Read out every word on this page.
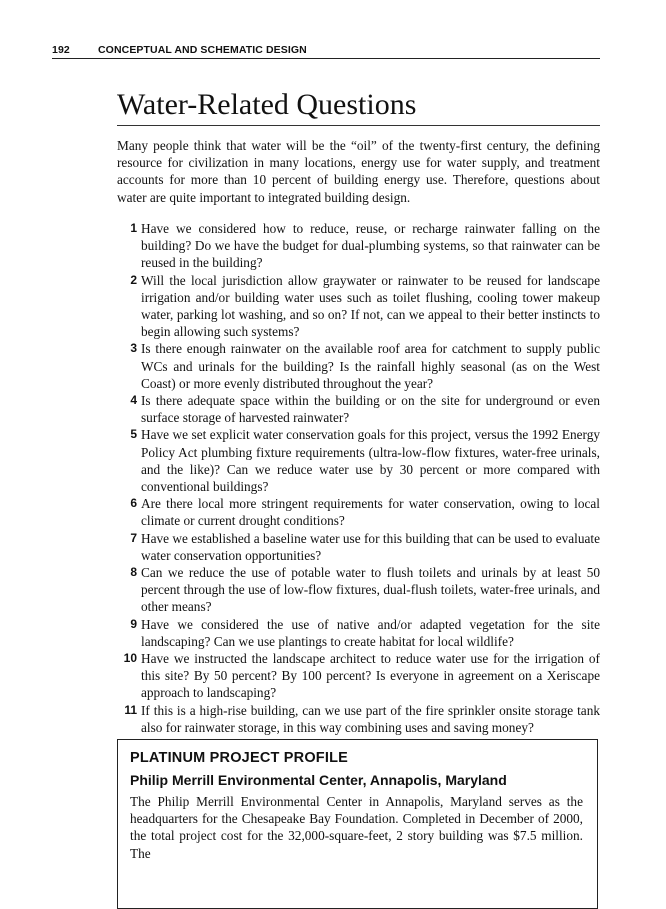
192	CONCEPTUAL AND SCHEMATIC DESIGN
Water-Related Questions

Many people think that water will be the “oil” of the twenty-first century, the defining resource for civilization in many locations, energy use for water supply, and treatment accounts for more than 10 percent of building energy use. Therefore, questions about water are quite important to integrated building design.

1 Have we considered how to reduce, reuse, or recharge rainwater falling on the building? Do we have the budget for dual-plumbing systems, so that rainwater can be reused in the building?
2 Will the local jurisdiction allow graywater or rainwater to be reused for landscape irrigation and/or building water uses such as toilet flushing, cooling tower makeup water, parking lot washing, and so on? If not, can we appeal to their better instincts to begin allowing such systems?
3 Is there enough rainwater on the available roof area for catchment to supply public WCs and urinals for the building? Is the rainfall highly seasonal (as on the West Coast) or more evenly distributed throughout the year?
4 Is there adequate space within the building or on the site for underground or even surface storage of harvested rainwater?
5 Have we set explicit water conservation goals for this project, versus the 1992 Energy Policy Act plumbing fixture requirements (ultra-low-flow fixtures, water-free urinals, and the like)? Can we reduce water use by 30 percent or more compared with conventional buildings?
6 Are there local more stringent requirements for water conservation, owing to local climate or current drought conditions?
7 Have we established a baseline water use for this building that can be used to evaluate water conservation opportunities?
8 Can we reduce the use of potable water to flush toilets and urinals by at least 50 percent through the use of low-flow fixtures, dual-flush toilets, water-free urinals, and other means?
9 Have we considered the use of native and/or adapted vegetation for the site landscaping? Can we use plantings to create habitat for local wildlife?
10 Have we instructed the landscape architect to reduce water use for the irrigation of this site? By 50 percent? By 100 percent? Is everyone in agreement on a Xeriscape approach to landscaping?
11 If this is a high-rise building, can we use part of the fire sprinkler onsite storage tank also for rainwater storage, in this way combining uses and saving money?
PLATINUM PROJECT PROFILE
Philip Merrill Environmental Center, Annapolis, Maryland

The Philip Merrill Environmental Center in Annapolis, Maryland serves as the headquarters for the Chesapeake Bay Foundation. Completed in December of 2000, the total project cost for the 32,000-square-feet, 2 story building was $7.5 million. The
